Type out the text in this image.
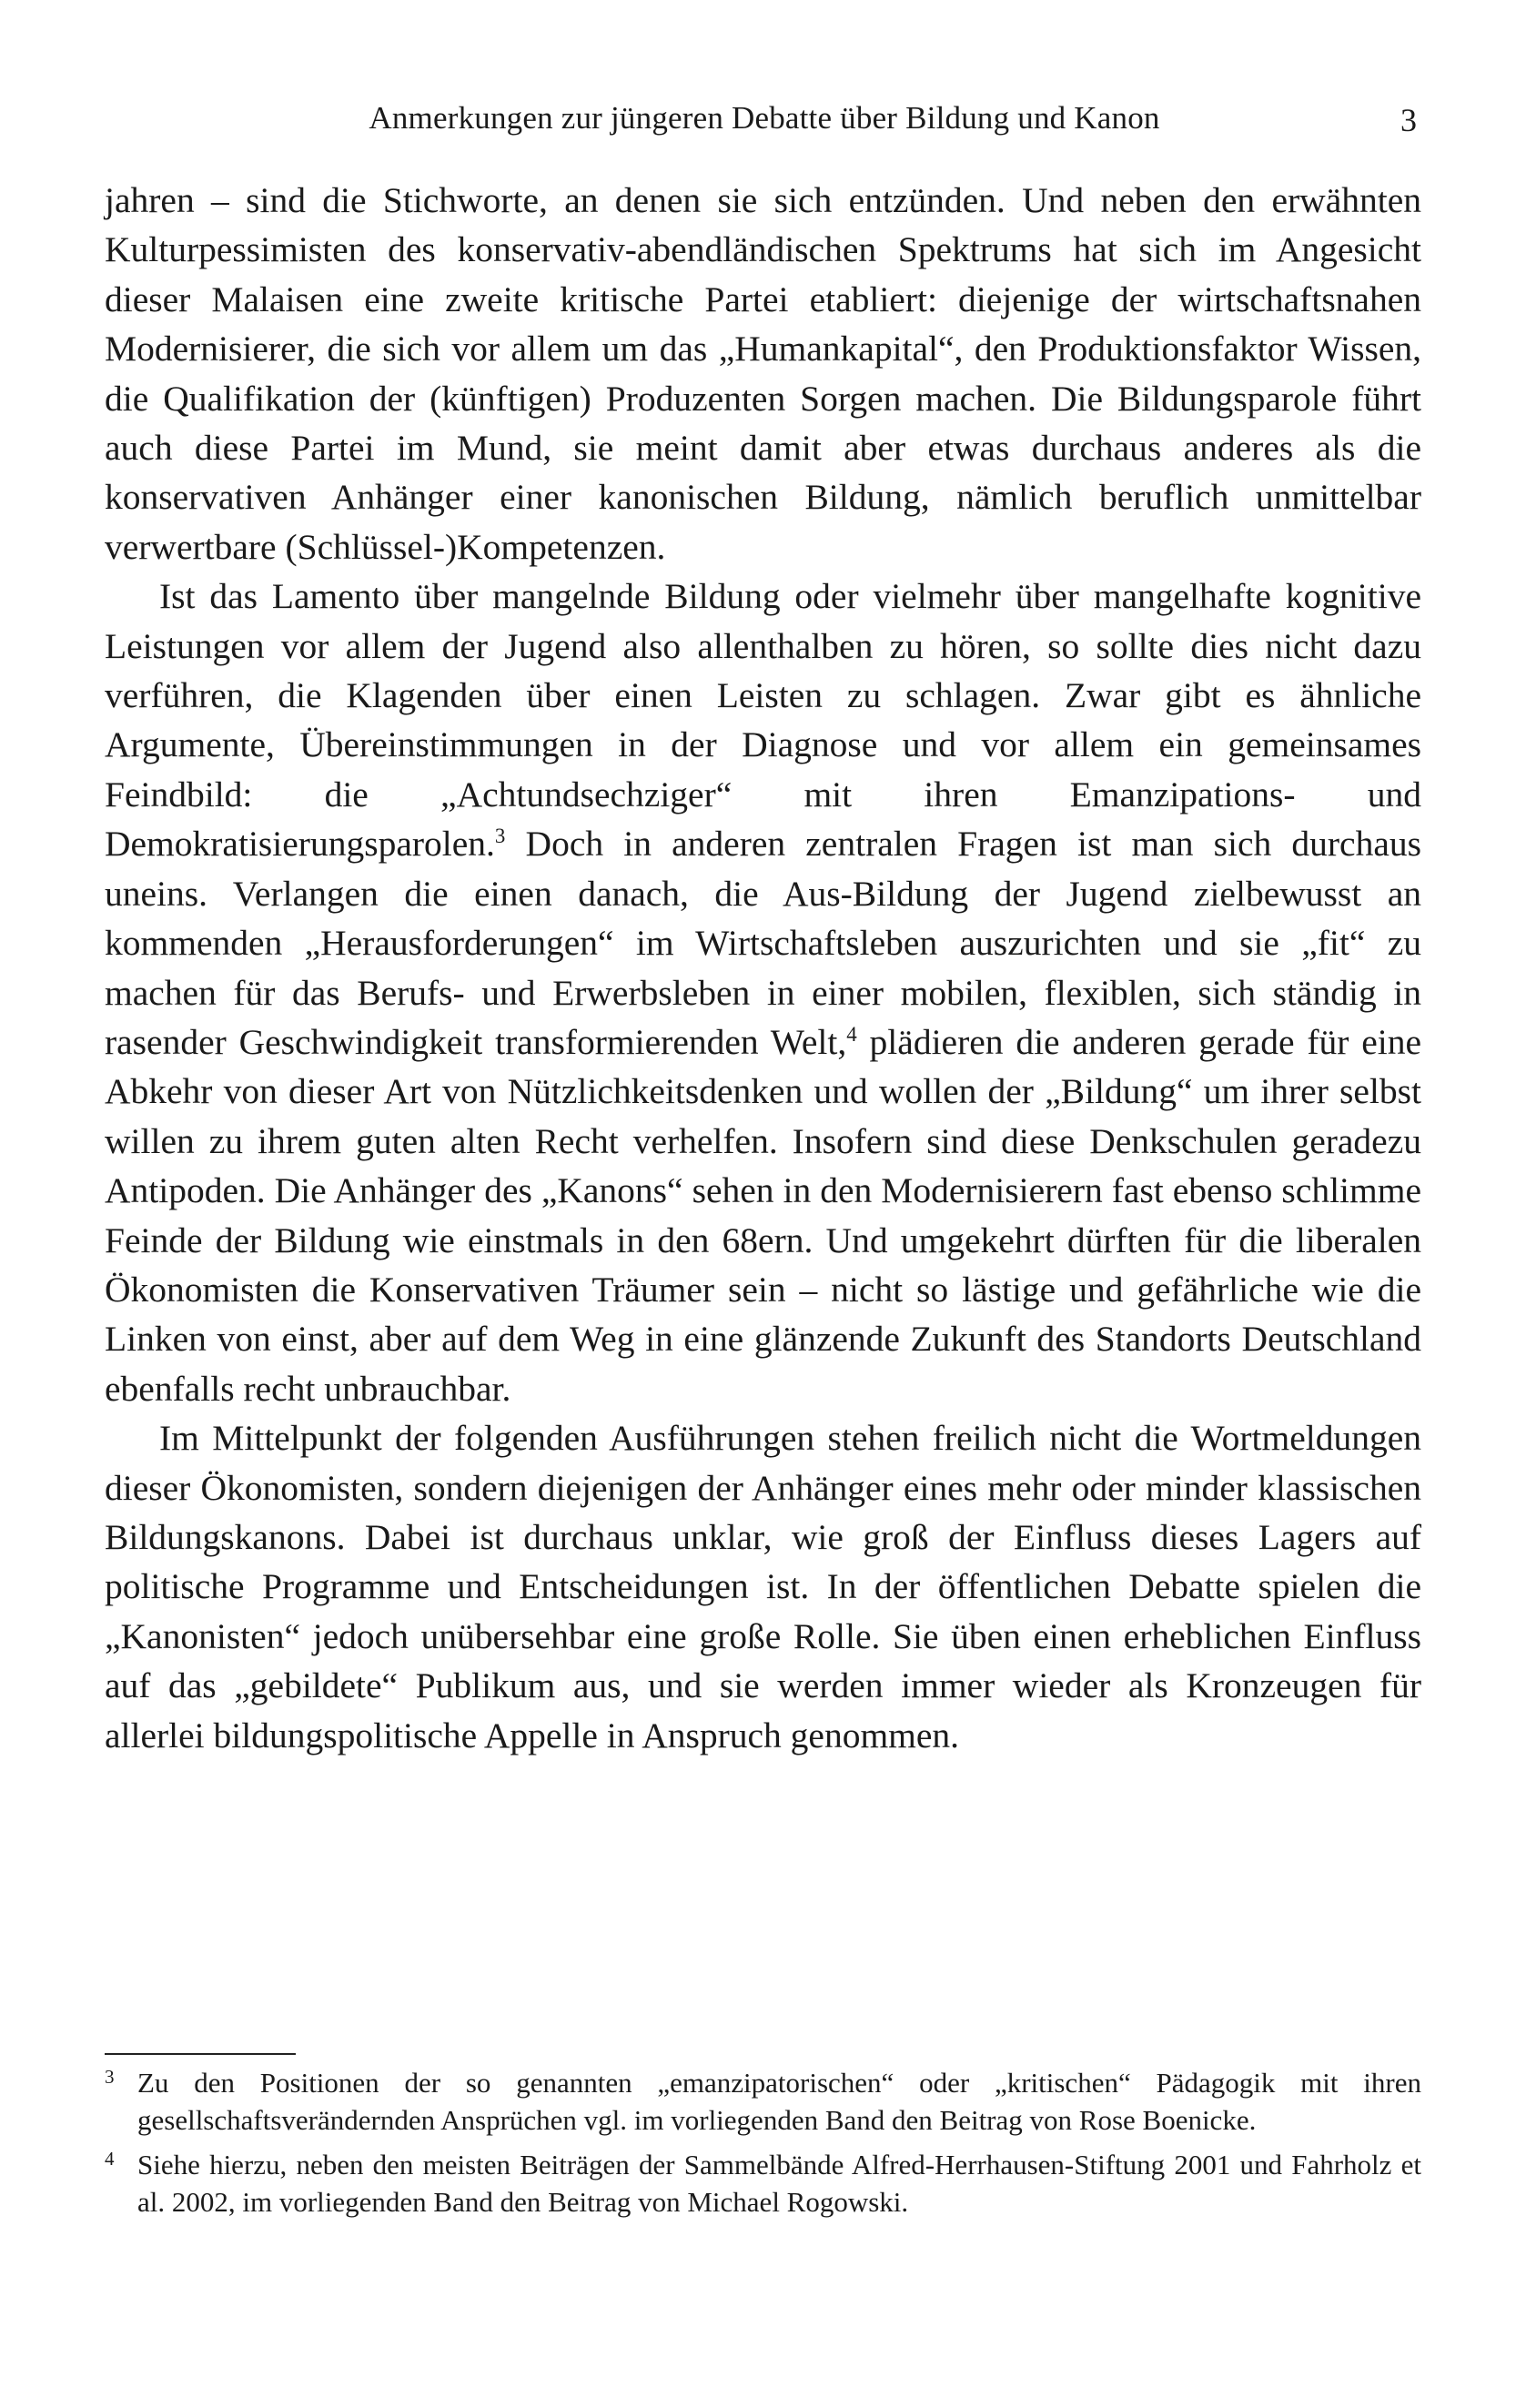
Anmerkungen zur jüngeren Debatte über Bildung und Kanon	3

jahren – sind die Stichworte, an denen sie sich entzünden. Und neben den erwähnten Kulturpessimisten des konservativ-abendländischen Spektrums hat sich im Angesicht dieser Malaisen eine zweite kritische Partei etabliert: diejenige der wirtschaftsnahen Modernisierer, die sich vor allem um das „Humankapital“, den Produktionsfaktor Wissen, die Qualifikation der (künftigen) Produzenten Sorgen machen. Die Bildungsparole führt auch diese Partei im Mund, sie meint damit aber etwas durchaus anderes als die konservativen Anhänger einer kanonischen Bildung, nämlich beruflich unmittelbar verwertbare (Schlüssel-)Kompetenzen.

Ist das Lamento über mangelnde Bildung oder vielmehr über mangelhafte kognitive Leistungen vor allem der Jugend also allenthalben zu hören, so sollte dies nicht dazu verführen, die Klagenden über einen Leisten zu schlagen. Zwar gibt es ähnliche Argumente, Übereinstimmungen in der Diagnose und vor allem ein gemeinsames Feindbild: die „Achtundsechziger“ mit ihren Emanzipations- und Demokratisierungsparolen.$^3$ Doch in anderen zentralen Fragen ist man sich durchaus uneins. Verlangen die einen danach, die Aus-Bildung der Jugend zielbewusst an kommenden „Herausforderungen“ im Wirtschaftsleben auszurichten und sie „fit“ zu machen für das Berufs- und Erwerbsleben in einer mobilen, flexiblen, sich ständig in rasender Geschwindigkeit transformierenden Welt,$^4$ plädieren die anderen gerade für eine Abkehr von dieser Art von Nützlichkeitsdenken und wollen der „Bildung“ um ihrer selbst willen zu ihrem guten alten Recht verhelfen. Insofern sind diese Denkschulen geradezu Antipoden. Die Anhänger des „Kanons“ sehen in den Modernisierern fast ebenso schlimme Feinde der Bildung wie einstmals in den 68ern. Und umgekehrt dürften für die liberalen Ökonomisten die Konservativen Träumer sein – nicht so lästige und gefährliche wie die Linken von einst, aber auf dem Weg in eine glänzende Zukunft des Standorts Deutschland ebenfalls recht unbrauchbar.

Im Mittelpunkt der folgenden Ausführungen stehen freilich nicht die Wortmeldungen dieser Ökonomisten, sondern diejenigen der Anhänger eines mehr oder minder klassischen Bildungskanons. Dabei ist durchaus unklar, wie groß der Einfluss dieses Lagers auf politische Programme und Entscheidungen ist. In der öffentlichen Debatte spielen die „Kanonisten“ jedoch unübersehbar eine große Rolle. Sie üben einen erheblichen Einfluss auf das „gebildete“ Publikum aus, und sie werden immer wieder als Kronzeugen für allerlei bildungspolitische Appelle in Anspruch genommen.

3 Zu den Positionen der so genannten „emanzipatorischen“ oder „kritischen“ Pädagogik mit ihren gesellschaftsverändernden Ansprüchen vgl. im vorliegenden Band den Beitrag von Rose Boenicke.

4 Siehe hierzu, neben den meisten Beiträgen der Sammelbände Alfred-Herrhausen-Stiftung 2001 und Fahrholz et al. 2002, im vorliegenden Band den Beitrag von Michael Rogowski.
